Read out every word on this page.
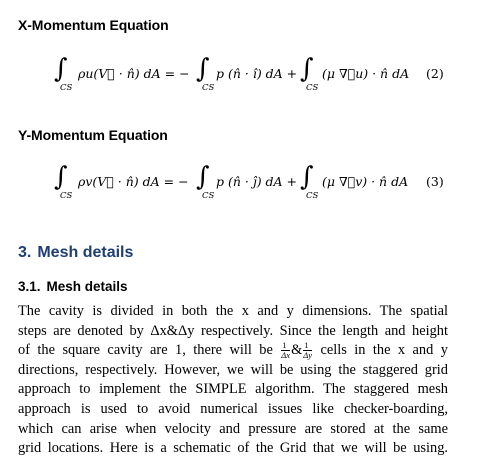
X-Momentum Equation
∫
CS
ρu(V⃗ · n̂) dA = − ∫
CS
p (n̂ · î) dA + ∫
CS
(μ ∇⃗u) · n̂ dA (2)
Y-Momentum Equation
∫
CS
ρv(V⃗ · n̂) dA = − ∫
CS
p (n̂ · ĵ) dA + ∫
CS
(μ ∇⃗v) · n̂ dA (3)
3. Mesh details
3.1. Mesh details
The cavity is divided in both the x and y dimensions. The spatial
steps are denoted by Δx&Δy respectively. Since the length and height
of the square cavity are 1, there will be $\frac{1}{\Delta x}$ & $\frac{1}{\Delta y}$ cells in the x and y
directions, respectively. However, we will be using the staggered grid
approach to implement the SIMPLE algorithm. The staggered mesh
approach is used to avoid numerical issues like checker-boarding,
which can arise when velocity and pressure are stored at the same
grid locations. Here is a schematic of the Grid that we will be using.
